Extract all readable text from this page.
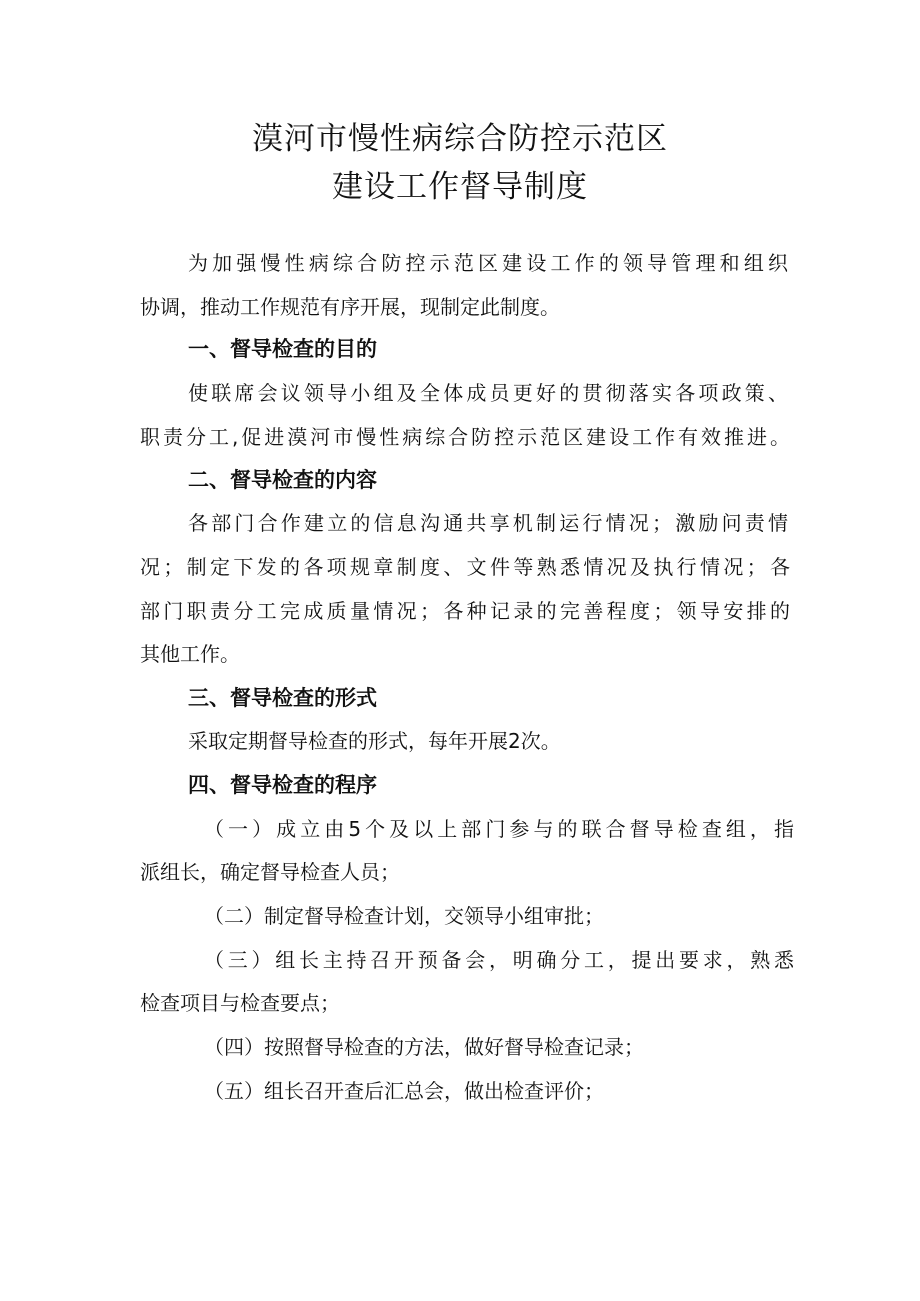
漠河市慢性病综合防控示范区
建设工作督导制度
为加强慢性病综合防控示范区建设工作的领导管理和组织
协调，推动工作规范有序开展，现制定此制度。
一、督导检查的目的
使联席会议领导小组及全体成员更好的贯彻落实各项政策、
职责分工,促进漠河市慢性病综合防控示范区建设工作有效推进。
二、督导检查的内容
各部门合作建立的信息沟通共享机制运行情况；激励问责情
况；制定下发的各项规章制度、文件等熟悉情况及执行情况；各
部门职责分工完成质量情况；各种记录的完善程度；领导安排的
其他工作。
三、督导检查的形式
采取定期督导检查的形式，每年开展2次。
四、督导检查的程序
（一）成立由5个及以上部门参与的联合督导检查组，指
派组长，确定督导检查人员；
（二）制定督导检查计划，交领导小组审批；
（三）组长主持召开预备会，明确分工，提出要求，熟悉
检查项目与检查要点；
（四）按照督导检查的方法，做好督导检查记录；
（五）组长召开查后汇总会，做出检查评价；
